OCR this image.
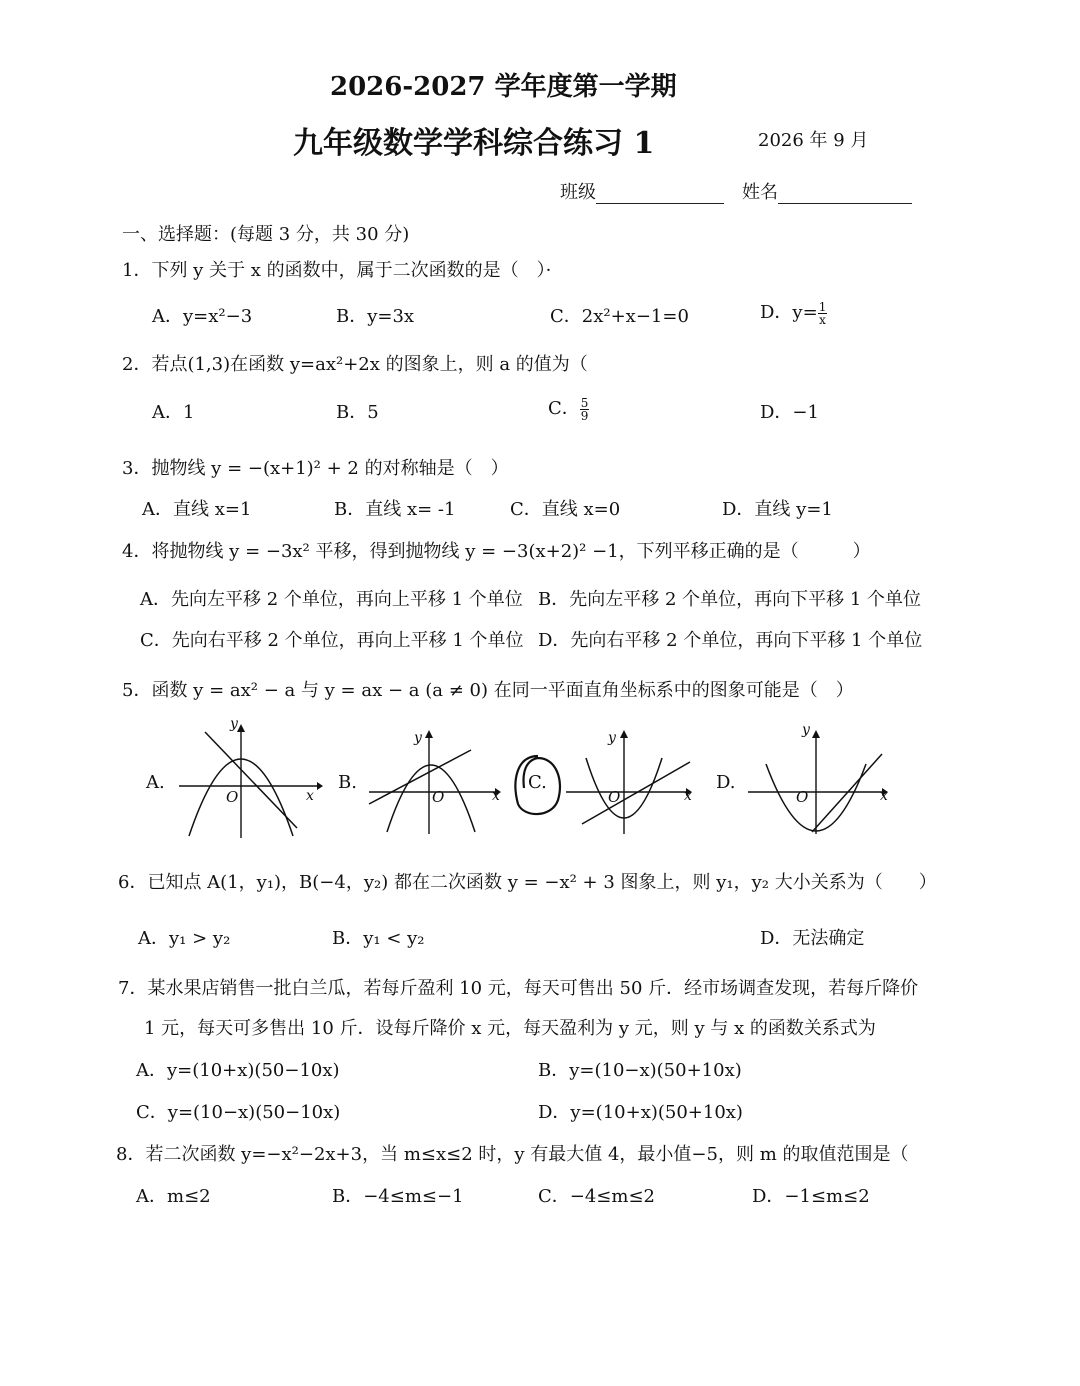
2026-2027 学年度第一学期
九年级数学学科综合练习 1	2026 年 9 月
班级	姓名
一、选择题：(每题 3 分，共 30 分)
1．下列 y 关于 x 的函数中，属于二次函数的是（　）·
A．y=x²−3	B．y=3x	C．2x²+x−1=0	D．$y= \frac{1}{x}$
2．若点(1,3)在函数 y=ax²+2x 的图象上，则 a 的值为（
A．1	B．5	C． $\frac{5}{9}$	D．−1
3．抛物线 y = −(x+1)² + 2 的对称轴是（　）
A．直线 x=1	B．直线 x= -1	C．直线 x=0	D．直线 y=1
4．将抛物线 y = −3x² 平移，得到抛物线 y = −3(x+2)² −1，下列平移正确的是（　　　）
A．先向左平移 2 个单位，再向上平移 1 个单位 B．先向左平移 2 个单位，再向下平移 1 个单位
C．先向右平移 2 个单位，再向上平移 1 个单位 D．先向右平移 2 个单位，再向下平移 1 个单位
5．函数 y = ax² − a 与 y = ax − a (a ≠ 0) 在同一平面直角坐标系中的图象可能是（　）
A.
y
x
O
B.
y
x
O
C.
y
x
O
D.
y
x
O
6．已知点 A(1，y₁)，B(−4，y₂) 都在二次函数 y = −x² + 3 图象上，则 y₁，y₂ 大小关系为（　　）
A．y₁ > y₂	B．y₁ < y₂	D．无法确定
7．某水果店销售一批白兰瓜，若每斤盈利 10 元，每天可售出 50 斤．经市场调查发现，若每斤降价
1 元，每天可多售出 10 斤．设每斤降价 x 元，每天盈利为 y 元，则 y 与 x 的函数关系式为
A．y=(10+x)(50−10x)	B．y=(10−x)(50+10x)
C．y=(10−x)(50−10x)	D．y=(10+x)(50+10x)
8．若二次函数 y=−x²−2x+3，当 m≤x≤2 时，y 有最大值 4，最小值−5，则 m 的取值范围是（
A．m≤2	B．−4≤m≤−1	C．−4≤m≤2	D．−1≤m≤2
